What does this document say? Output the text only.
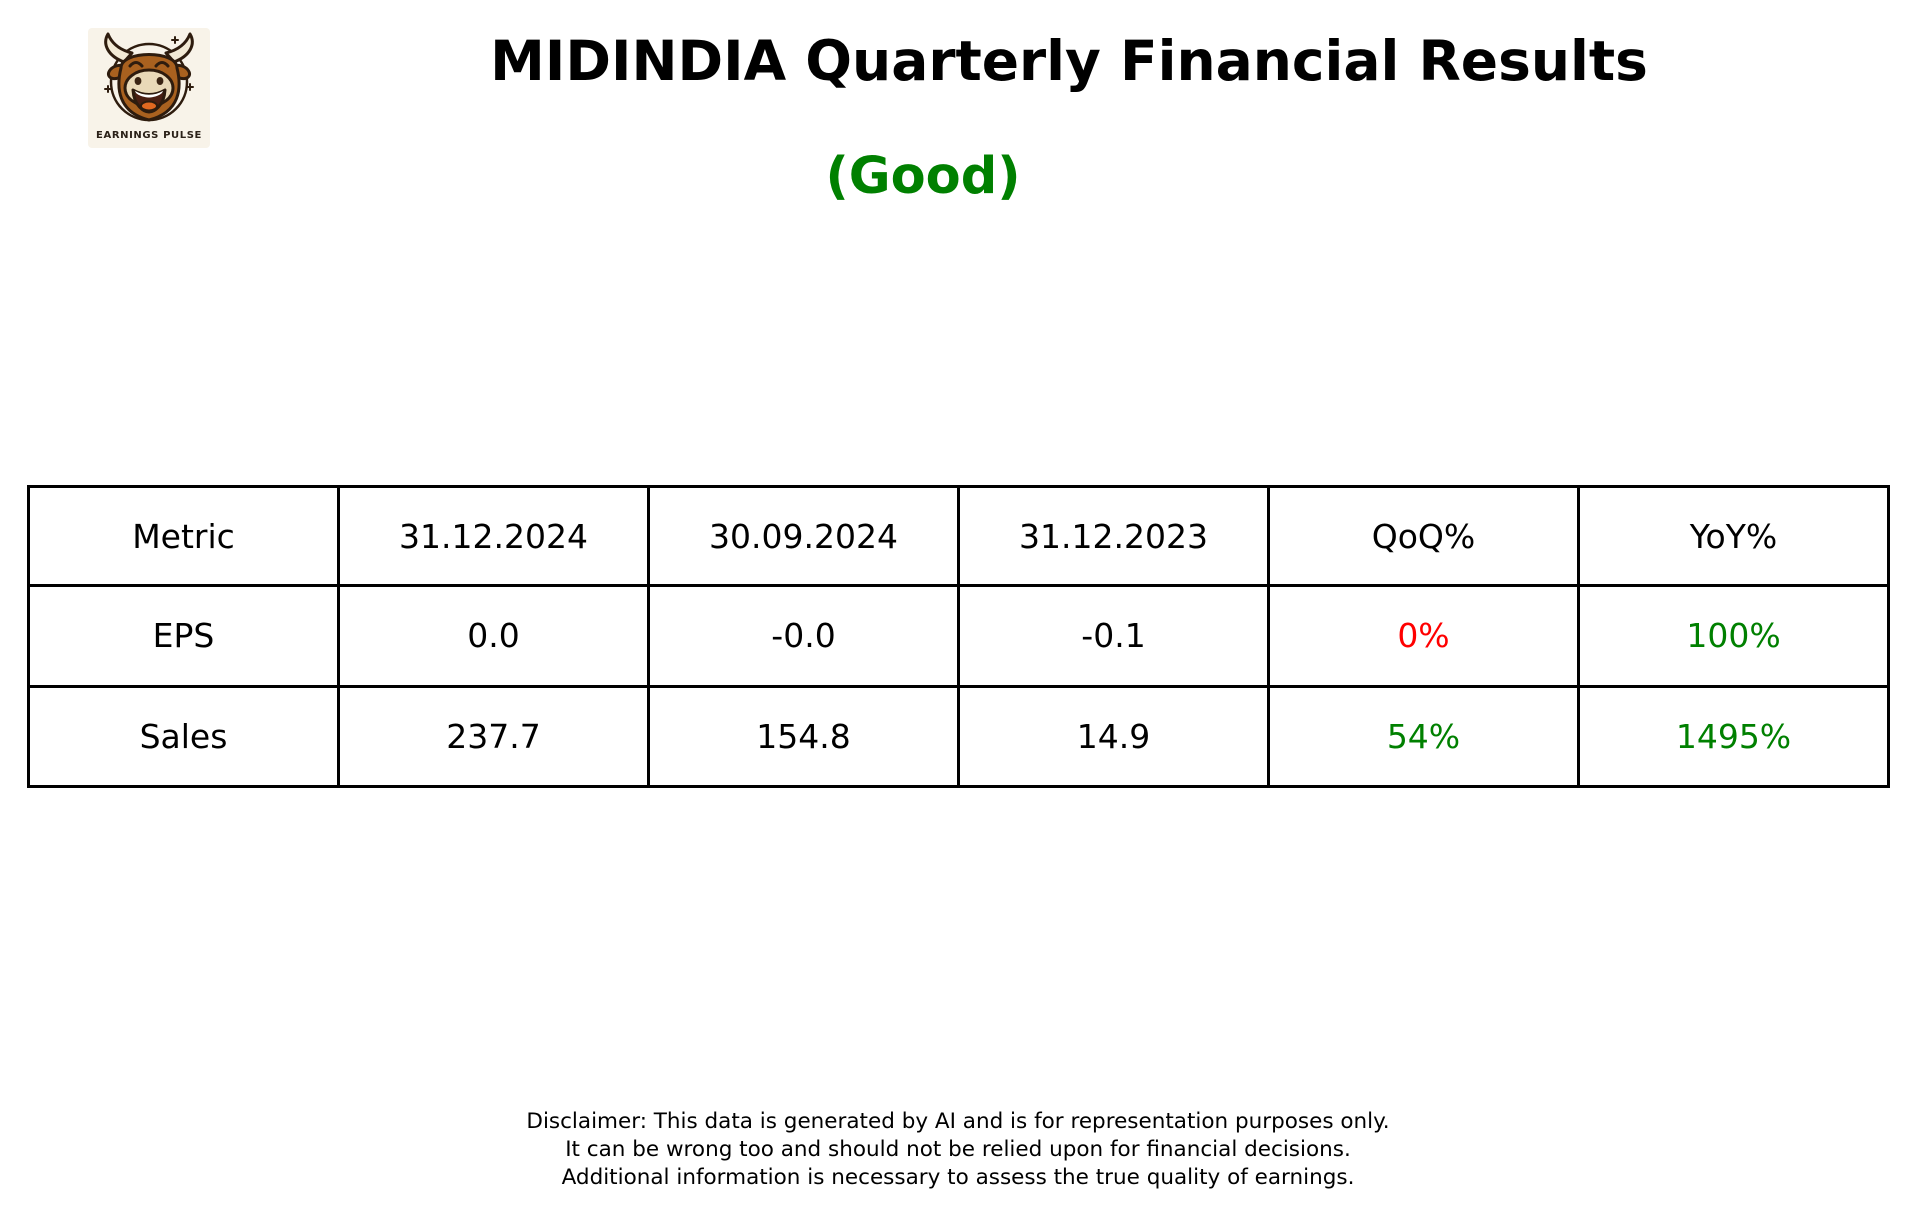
EARNINGS PULSE
MIDINDIA Quarterly Financial Results
(Good)
Metric	31.12.2024	30.09.2024	31.12.2023	QoQ%	YoY%
EPS	0.0	-0.0	-0.1	0%	100%
Sales	237.7	154.8	14.9	54%	1495%
Disclaimer: This data is generated by AI and is for representation purposes only.
It can be wrong too and should not be relied upon for financial decisions.
Additional information is necessary to assess the true quality of earnings.
